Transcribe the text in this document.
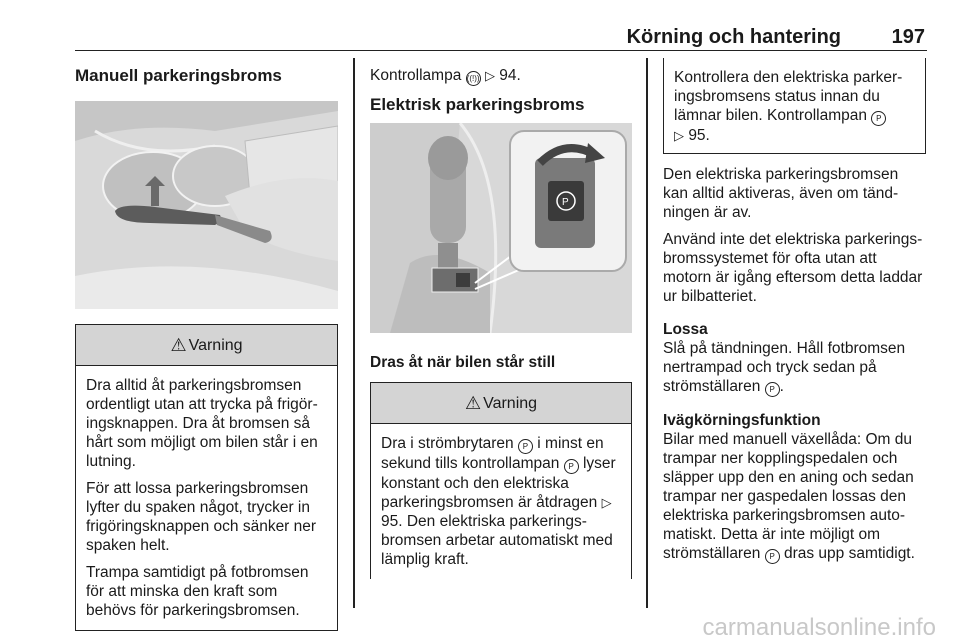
Körning och hantering	197
Manuell parkeringsbroms
⚠ Varning

Dra alltid åt parkeringsbromsen ordentligt utan att trycka på frigör-ingsknappen. Dra åt bromsen så hårt som möjligt om bilen står i en lutning.

För att lossa parkeringsbromsen lyfter du spaken något, trycker in frigöringsknappen och sänker ner spaken helt.

Trampa samtidigt på fotbromsen för att minska den kraft som behövs för parkeringsbromsen.

Kontrollampa ((!)) ▷ 94.

Elektrisk parkeringsbroms
P
Dras åt när bilen står still
⚠ Varning

Dra i strömbrytaren P i minst en sekund tills kontrollampan P lyser konstant och den elektriska parkeringsbromsen är åtdragen ▷ 95. Den elektriska parkerings-bromsen arbetar automatiskt med lämplig kraft.

Kontrollera den elektriska parker-ingsbromsens status innan du lämnar bilen. Kontrollampan P
▷ 95.

Den elektriska parkeringsbromsen kan alltid aktiveras, även om tänd-ningen är av.

Använd inte det elektriska parkerings-bromssystemet för ofta utan att motorn är igång eftersom detta laddar ur bilbatteriet.

Lossa

Slå på tändningen. Håll fotbromsen nertrampad och tryck sedan på strömställaren P .

Ivägkörningsfunktion

Bilar med manuell växellåda: Om du trampar ner kopplingspedalen och släpper upp den en aning och sedan trampar ner gaspedalen lossas den elektriska parkeringsbromsen auto-matiskt. Detta är inte möjligt om strömställaren P dras upp samtidigt.

carmanualsonline.info
